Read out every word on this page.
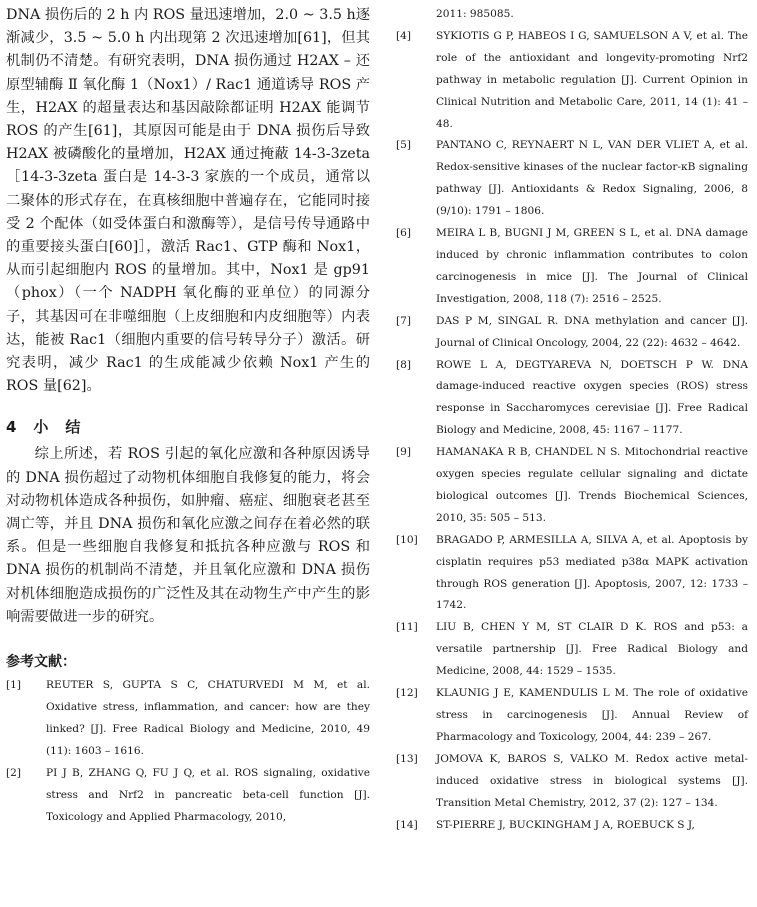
DNA 损伤后的 2 h 内 ROS 量迅速增加，2.0 ~ 3.5 h逐渐减少，3.5 ~ 5.0 h 内出现第 2 次迅速增加[61]，但其机制仍不清楚。有研究表明，DNA 损伤通过 H2AX – 还原型辅酶 Ⅱ 氧化酶 1（Nox1）/ Rac1 通道诱导 ROS 产生，H2AX 的超量表达和基因敲除都证明 H2AX 能调节 ROS 的产生[61]，其原因可能是由于 DNA 损伤后导致 H2AX 被磷酸化的量增加，H2AX 通过掩蔽 14-3-3zeta［14-3-3zeta 蛋白是 14-3-3 家族的一个成员，通常以二聚体的形式存在，在真核细胞中普遍存在，它能同时接受 2 个配体（如受体蛋白和激酶等），是信号传导通路中的重要接头蛋白[60]］，激活 Rac1、GTP 酶和 Nox1，从而引起细胞内 ROS 的量增加。其中，Nox1 是 gp91（phox）（一个 NADPH 氧化酶的亚单位）的同源分子，其基因可在非噬细胞（上皮细胞和内皮细胞等）内表达，能被 Rac1（细胞内重要的信号转导分子）激活。研究表明，减少 Rac1 的生成能减少依赖 Nox1 产生的 ROS 量[62]。

4　小　结

综上所述，若 ROS 引起的氧化应激和各种原因诱导的 DNA 损伤超过了动物机体细胞自我修复的能力，将会对动物机体造成各种损伤，如肿瘤、癌症、细胞衰老甚至凋亡等，并且 DNA 损伤和氧化应激之间存在着必然的联系。但是一些细胞自我修复和抵抗各种应激与 ROS 和 DNA 损伤的机制尚不清楚，并且氧化应激和 DNA 损伤对机体细胞造成损伤的广泛性及其在动物生产中产生的影响需要做进一步的研究。

参考文献：
[1]	REUTER S, GUPTA S C, CHATURVEDI M M, et al. Oxidative stress, inflammation, and cancer: how are they linked? [J]. Free Radical Biology and Medicine, 2010, 49 (11): 1603 – 1616.
[2]	PI J B, ZHANG Q, FU J Q, et al. ROS signaling, oxidative stress and Nrf2 in pancreatic beta-cell function [J]. Toxicology and Applied Pharmacology, 2010,

2011: 985085.

[4]	SYKIOTIS G P, HABEOS I G, SAMUELSON A V, et al. The role of the antioxidant and longevity-promoting Nrf2 pathway in metabolic regulation [J]. Current Opinion in Clinical Nutrition and Metabolic Care, 2011, 14 (1): 41 – 48.
[5]	PANTANO C, REYNAERT N L, VAN DER VLIET A, et al. Redox-sensitive kinases of the nuclear factor-κB signaling pathway [J]. Antioxidants & Redox Signaling, 2006, 8 (9/10): 1791 – 1806.
[6]	MEIRA L B, BUGNI J M, GREEN S L, et al. DNA damage induced by chronic inflammation contributes to colon carcinogenesis in mice [J]. The Journal of Clinical Investigation, 2008, 118 (7): 2516 – 2525.
[7]	DAS P M, SINGAL R. DNA methylation and cancer [J]. Journal of Clinical Oncology, 2004, 22 (22): 4632 – 4642.
[8]	ROWE L A, DEGTYAREVA N, DOETSCH P W. DNA damage-induced reactive oxygen species (ROS) stress response in Saccharomyces cerevisiae [J]. Free Radical Biology and Medicine, 2008, 45: 1167 – 1177.
[9]	HAMANAKA R B, CHANDEL N S. Mitochondrial reactive oxygen species regulate cellular signaling and dictate biological outcomes [J]. Trends Biochemical Sciences, 2010, 35: 505 – 513.
[10]	BRAGADO P, ARMESILLA A, SILVA A, et al. Apoptosis by cisplatin requires p53 mediated p38α MAPK activation through ROS generation [J]. Apoptosis, 2007, 12: 1733 – 1742.
[11]	LIU B, CHEN Y M, ST CLAIR D K. ROS and p53: a versatile partnership [J]. Free Radical Biology and Medicine, 2008, 44: 1529 – 1535.
[12]	KLAUNIG J E, KAMENDULIS L M. The role of oxidative stress in carcinogenesis [J]. Annual Review of Pharmacology and Toxicology, 2004, 44: 239 – 267.
[13]	JOMOVA K, BAROS S, VALKO M. Redox active metal-induced oxidative stress in biological systems [J]. Transition Metal Chemistry, 2012, 37 (2): 127 – 134.
[14]	ST-PIERRE J, BUCKINGHAM J A, ROEBUCK S J,
